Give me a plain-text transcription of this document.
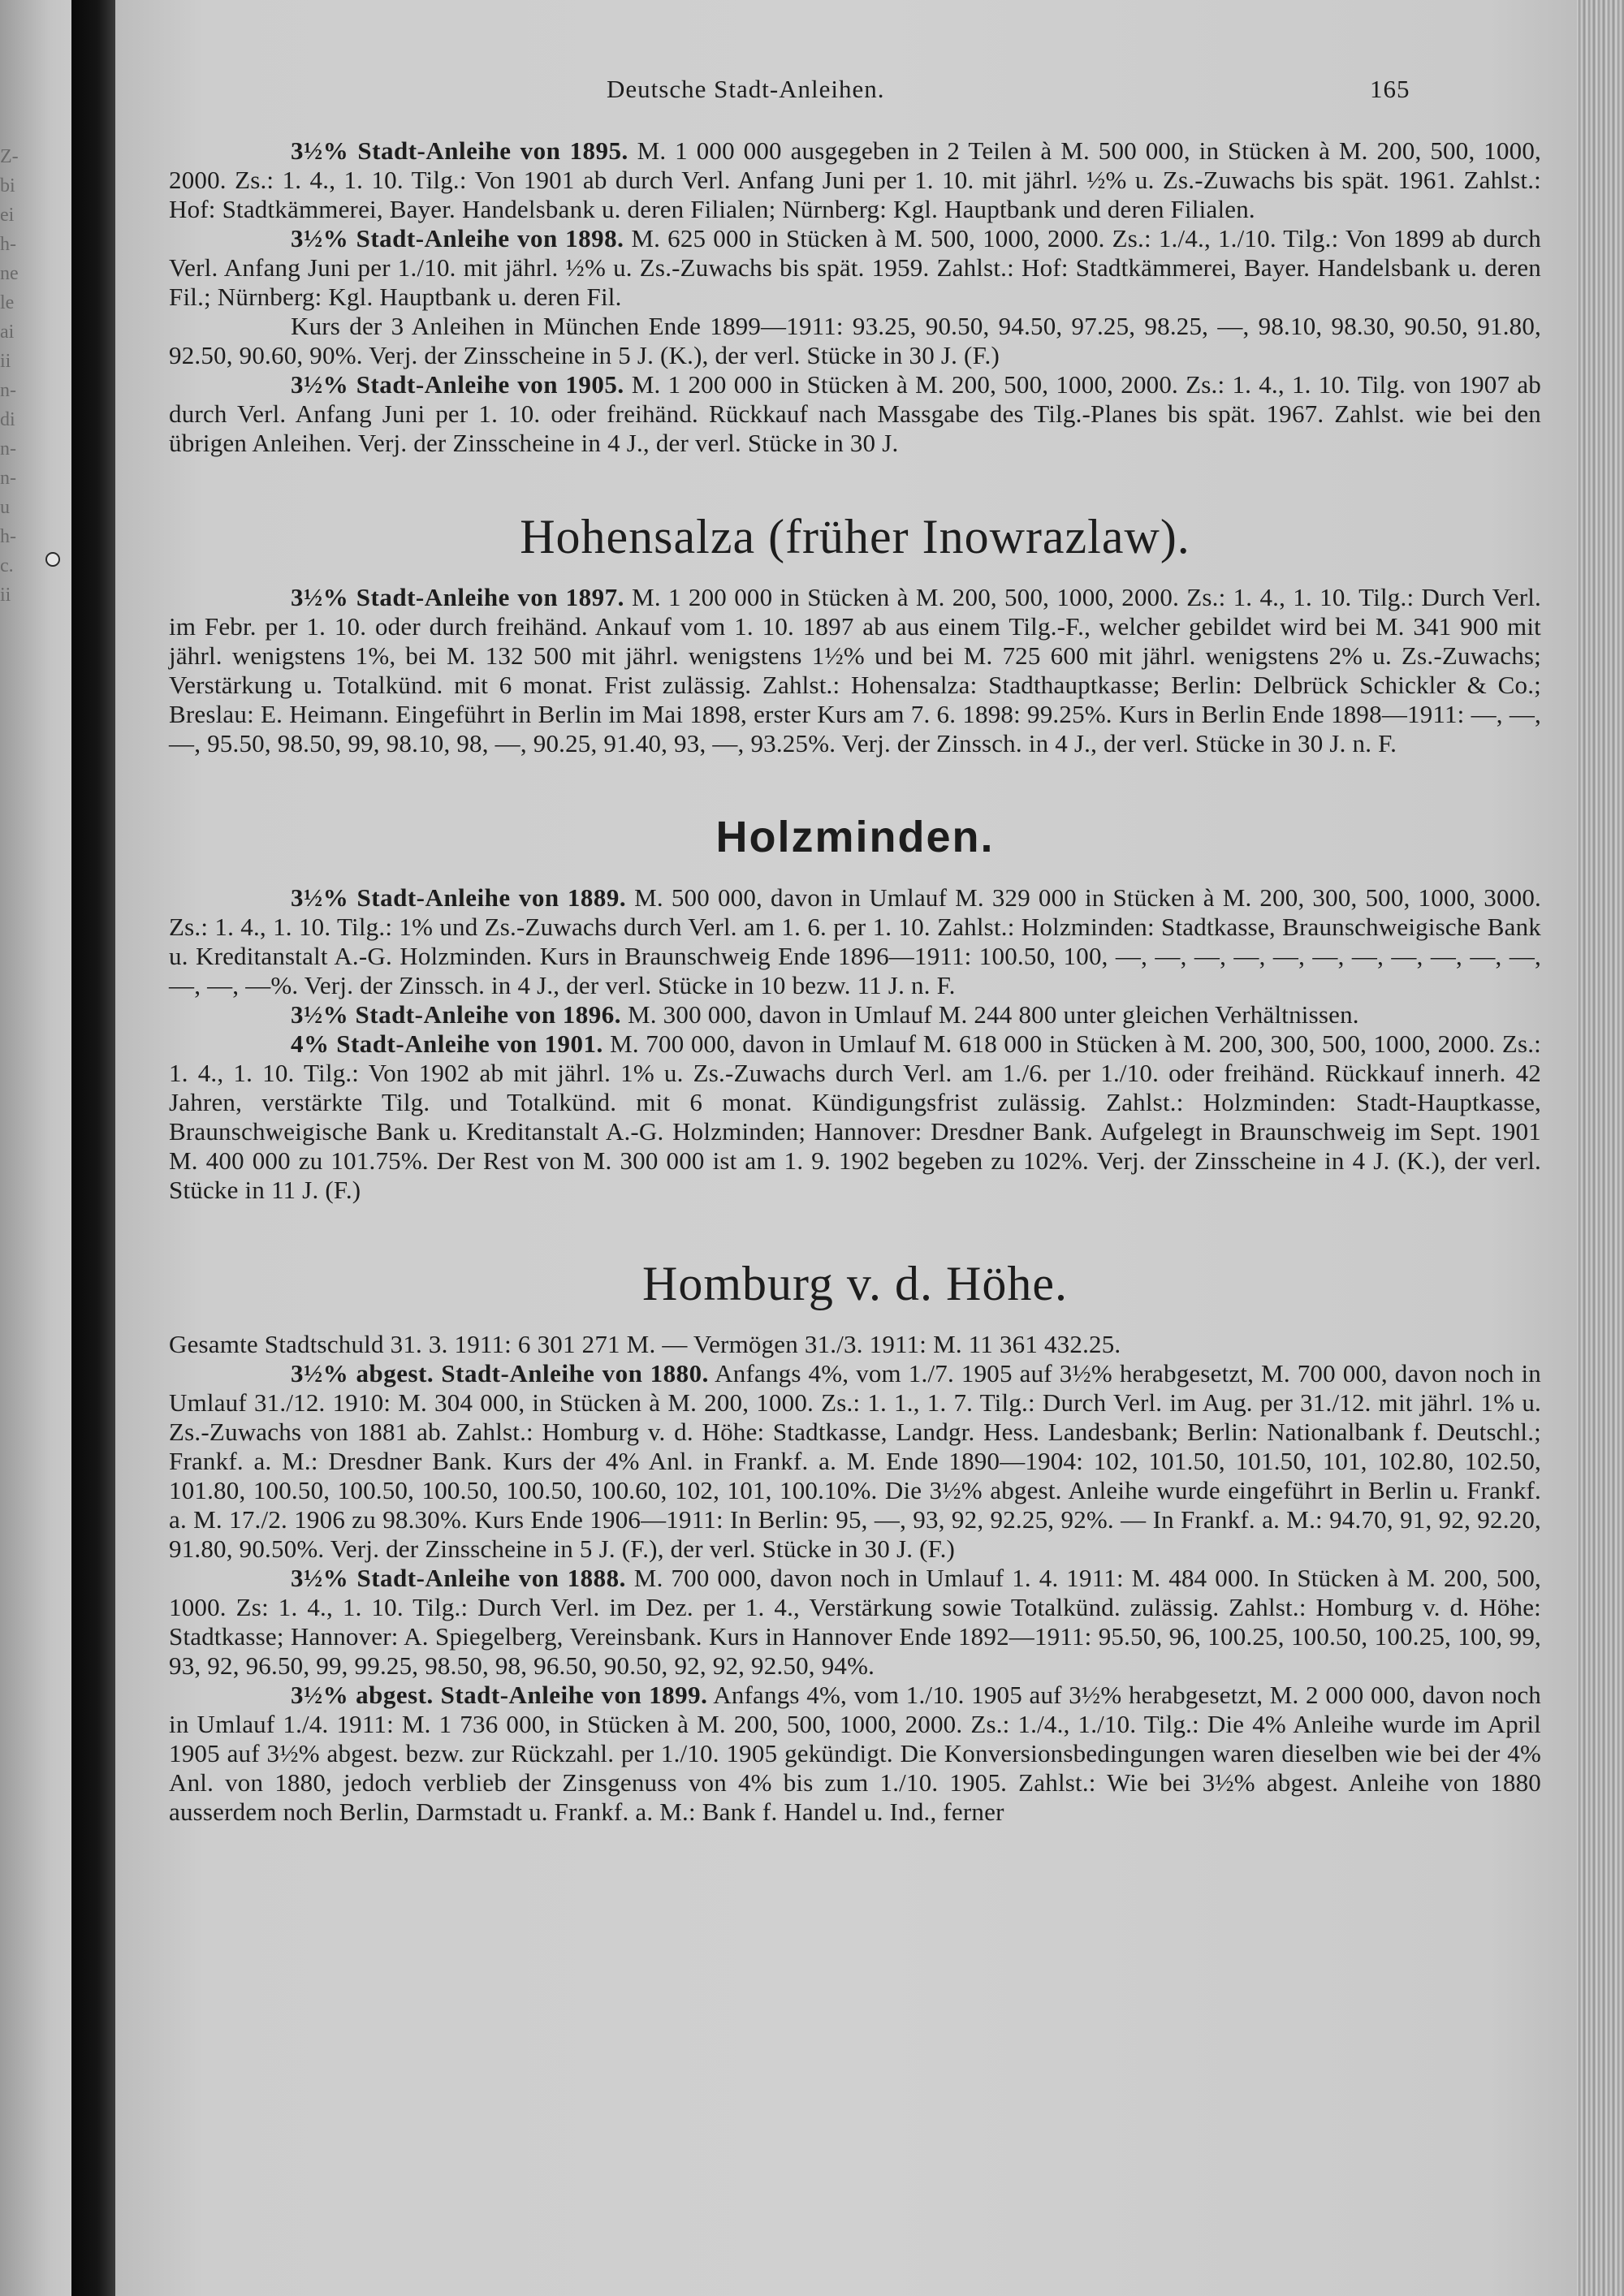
Z-
bi
ei
h-
ne
le
ai
ii
n-
di
n-
n-
u
h-
c.
ii
Deutsche Stadt-Anleihen.	165

3½% Stadt-Anleihe von 1895. M. 1 000 000 ausgegeben in 2 Teilen à M. 500 000, in Stücken à M. 200, 500, 1000, 2000. Zs.: 1. 4., 1. 10. Tilg.: Von 1901 ab durch Verl. Anfang Juni per 1. 10. mit jährl. ½% u. Zs.-Zuwachs bis spät. 1961. Zahlst.: Hof: Stadtkämmerei, Bayer. Handelsbank u. deren Filialen; Nürnberg: Kgl. Hauptbank und deren Filialen.

3½% Stadt-Anleihe von 1898. M. 625 000 in Stücken à M. 500, 1000, 2000. Zs.: 1./4., 1./10. Tilg.: Von 1899 ab durch Verl. Anfang Juni per 1./10. mit jährl. ½% u. Zs.-Zuwachs bis spät. 1959. Zahlst.: Hof: Stadtkämmerei, Bayer. Handelsbank u. deren Fil.; Nürnberg: Kgl. Hauptbank u. deren Fil.

Kurs der 3 Anleihen in München Ende 1899—1911: 93.25, 90.50, 94.50, 97.25, 98.25, —, 98.10, 98.30, 90.50, 91.80, 92.50, 90.60, 90%. Verj. der Zinsscheine in 5 J. (K.), der verl. Stücke in 30 J. (F.)

3½% Stadt-Anleihe von 1905. M. 1 200 000 in Stücken à M. 200, 500, 1000, 2000. Zs.: 1. 4., 1. 10. Tilg. von 1907 ab durch Verl. Anfang Juni per 1. 10. oder freihänd. Rückkauf nach Massgabe des Tilg.-Planes bis spät. 1967. Zahlst. wie bei den übrigen Anleihen. Verj. der Zinsscheine in 4 J., der verl. Stücke in 30 J.

Hohensalza (früher Inowrazlaw).

3½% Stadt-Anleihe von 1897. M. 1 200 000 in Stücken à M. 200, 500, 1000, 2000. Zs.: 1. 4., 1. 10. Tilg.: Durch Verl. im Febr. per 1. 10. oder durch freihänd. Ankauf vom 1. 10. 1897 ab aus einem Tilg.-F., welcher gebildet wird bei M. 341 900 mit jährl. wenigstens 1%, bei M. 132 500 mit jährl. wenigstens 1½% und bei M. 725 600 mit jährl. wenigstens 2% u. Zs.-Zuwachs; Verstärkung u. Totalkünd. mit 6 monat. Frist zulässig. Zahlst.: Hohensalza: Stadthauptkasse; Berlin: Delbrück Schickler & Co.; Breslau: E. Heimann. Eingeführt in Berlin im Mai 1898, erster Kurs am 7. 6. 1898: 99.25%. Kurs in Berlin Ende 1898—1911: —, —, —, 95.50, 98.50, 99, 98.10, 98, —, 90.25, 91.40, 93, —, 93.25%. Verj. der Zinssch. in 4 J., der verl. Stücke in 30 J. n. F.

Holzminden.

3½% Stadt-Anleihe von 1889. M. 500 000, davon in Umlauf M. 329 000 in Stücken à M. 200, 300, 500, 1000, 3000. Zs.: 1. 4., 1. 10. Tilg.: 1% und Zs.-Zuwachs durch Verl. am 1. 6. per 1. 10. Zahlst.: Holzminden: Stadtkasse, Braunschweigische Bank u. Kreditanstalt A.-G. Holzminden. Kurs in Braunschweig Ende 1896—1911: 100.50, 100, —, —, —, —, —, —, —, —, —, —, —, —, —, —%. Verj. der Zinssch. in 4 J., der verl. Stücke in 10 bezw. 11 J. n. F.

3½% Stadt-Anleihe von 1896. M. 300 000, davon in Umlauf M. 244 800 unter gleichen Verhältnissen.

4% Stadt-Anleihe von 1901. M. 700 000, davon in Umlauf M. 618 000 in Stücken à M. 200, 300, 500, 1000, 2000. Zs.: 1. 4., 1. 10. Tilg.: Von 1902 ab mit jährl. 1% u. Zs.-Zuwachs durch Verl. am 1./6. per 1./10. oder freihänd. Rückkauf innerh. 42 Jahren, verstärkte Tilg. und Totalkünd. mit 6 monat. Kündigungsfrist zulässig. Zahlst.: Holzminden: Stadt-Hauptkasse, Braunschweigische Bank u. Kreditanstalt A.-G. Holzminden; Hannover: Dresdner Bank. Aufgelegt in Braunschweig im Sept. 1901 M. 400 000 zu 101.75%. Der Rest von M. 300 000 ist am 1. 9. 1902 begeben zu 102%. Verj. der Zinsscheine in 4 J. (K.), der verl. Stücke in 11 J. (F.)

Homburg v. d. Höhe.

Gesamte Stadtschuld 31. 3. 1911: 6 301 271 M. — Vermögen 31./3. 1911: M. 11 361 432.25.

3½% abgest. Stadt-Anleihe von 1880. Anfangs 4%, vom 1./7. 1905 auf 3½% herabgesetzt, M. 700 000, davon noch in Umlauf 31./12. 1910: M. 304 000, in Stücken à M. 200, 1000. Zs.: 1. 1., 1. 7. Tilg.: Durch Verl. im Aug. per 31./12. mit jährl. 1% u. Zs.-Zuwachs von 1881 ab. Zahlst.: Homburg v. d. Höhe: Stadtkasse, Landgr. Hess. Landesbank; Berlin: Nationalbank f. Deutschl.; Frankf. a. M.: Dresdner Bank. Kurs der 4% Anl. in Frankf. a. M. Ende 1890—1904: 102, 101.50, 101.50, 101, 102.80, 102.50, 101.80, 100.50, 100.50, 100.50, 100.50, 100.60, 102, 101, 100.10%. Die 3½% abgest. Anleihe wurde eingeführt in Berlin u. Frankf. a. M. 17./2. 1906 zu 98.30%. Kurs Ende 1906—1911: In Berlin: 95, —, 93, 92, 92.25, 92%. — In Frankf. a. M.: 94.70, 91, 92, 92.20, 91.80, 90.50%. Verj. der Zinsscheine in 5 J. (F.), der verl. Stücke in 30 J. (F.)

3½% Stadt-Anleihe von 1888. M. 700 000, davon noch in Umlauf 1. 4. 1911: M. 484 000. In Stücken à M. 200, 500, 1000. Zs: 1. 4., 1. 10. Tilg.: Durch Verl. im Dez. per 1. 4., Verstärkung sowie Totalkünd. zulässig. Zahlst.: Homburg v. d. Höhe: Stadtkasse; Hannover: A. Spiegelberg, Vereinsbank. Kurs in Hannover Ende 1892—1911: 95.50, 96, 100.25, 100.50, 100.25, 100, 99, 93, 92, 96.50, 99, 99.25, 98.50, 98, 96.50, 90.50, 92, 92, 92.50, 94%.

3½% abgest. Stadt-Anleihe von 1899. Anfangs 4%, vom 1./10. 1905 auf 3½% herabgesetzt, M. 2 000 000, davon noch in Umlauf 1./4. 1911: M. 1 736 000, in Stücken à M. 200, 500, 1000, 2000. Zs.: 1./4., 1./10. Tilg.: Die 4% Anleihe wurde im April 1905 auf 3½% abgest. bezw. zur Rückzahl. per 1./10. 1905 gekündigt. Die Konversionsbedingungen waren dieselben wie bei der 4% Anl. von 1880, jedoch verblieb der Zinsgenuss von 4% bis zum 1./10. 1905. Zahlst.: Wie bei 3½% abgest. Anleihe von 1880 ausserdem noch Berlin, Darmstadt u. Frankf. a. M.: Bank f. Handel u. Ind., ferner
